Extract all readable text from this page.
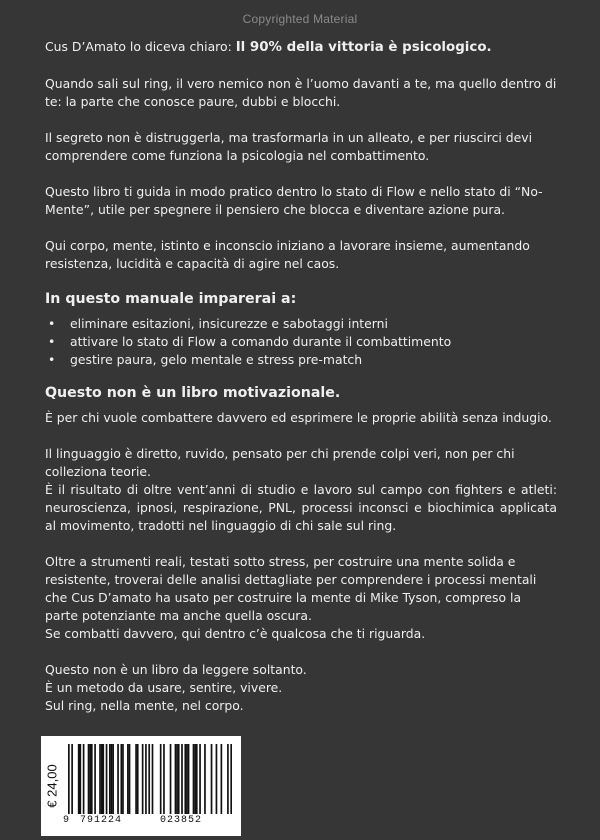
Copyrighted Material

Cus D’Amato lo diceva chiaro: Il 90% della vittoria è psicologico.

Quando sali sul ring, il vero nemico non è l’uomo davanti a te, ma quello dentro di te: la parte che conosce paure, dubbi e blocchi.

Il segreto non è distruggerla, ma trasformarla in un alleato, e per riuscirci devi comprendere come funziona la psicologia nel combattimento.

Questo libro ti guida in modo pratico dentro lo stato di Flow e nello stato di “No-Mente”, utile per spegnere il pensiero che blocca e diventare azione pura.

Qui corpo, mente, istinto e inconscio iniziano a lavorare insieme, aumentando resistenza, lucidità e capacità di agire nel caos.

In questo manuale imparerai a:
• eliminare esitazioni, insicurezze e sabotaggi interni
• attivare lo stato di Flow a comando durante il combattimento
• gestire paura, gelo mentale e stress pre-match
Questo non è un libro motivazionale.

È per chi vuole combattere davvero ed esprimere le proprie abilità senza indugio.

Il linguaggio è diretto, ruvido, pensato per chi prende colpi veri, non per chi colleziona teorie.

È il risultato di oltre vent’anni di studio e lavoro sul campo con fighters e atleti: neuroscienza, ipnosi, respirazione, PNL, processi inconsci e biochimica applicata al movimento, tradotti nel linguaggio di chi sale sul ring.

Oltre a strumenti reali, testati sotto stress, per costruire una mente solida e resistente, troverai delle analisi dettagliate per comprendere i processi mentali che Cus D’amato ha usato per costruire la mente di Mike Tyson, compreso la parte potenziante ma anche quella oscura.

Se combatti davvero, qui dentro c’è qualcosa che ti riguarda.

Questo non è un libro da leggere soltanto.

È un metodo da usare, sentire, vivere.

Sul ring, nella mente, nel corpo.

€ 24,00
9 791224	023852
